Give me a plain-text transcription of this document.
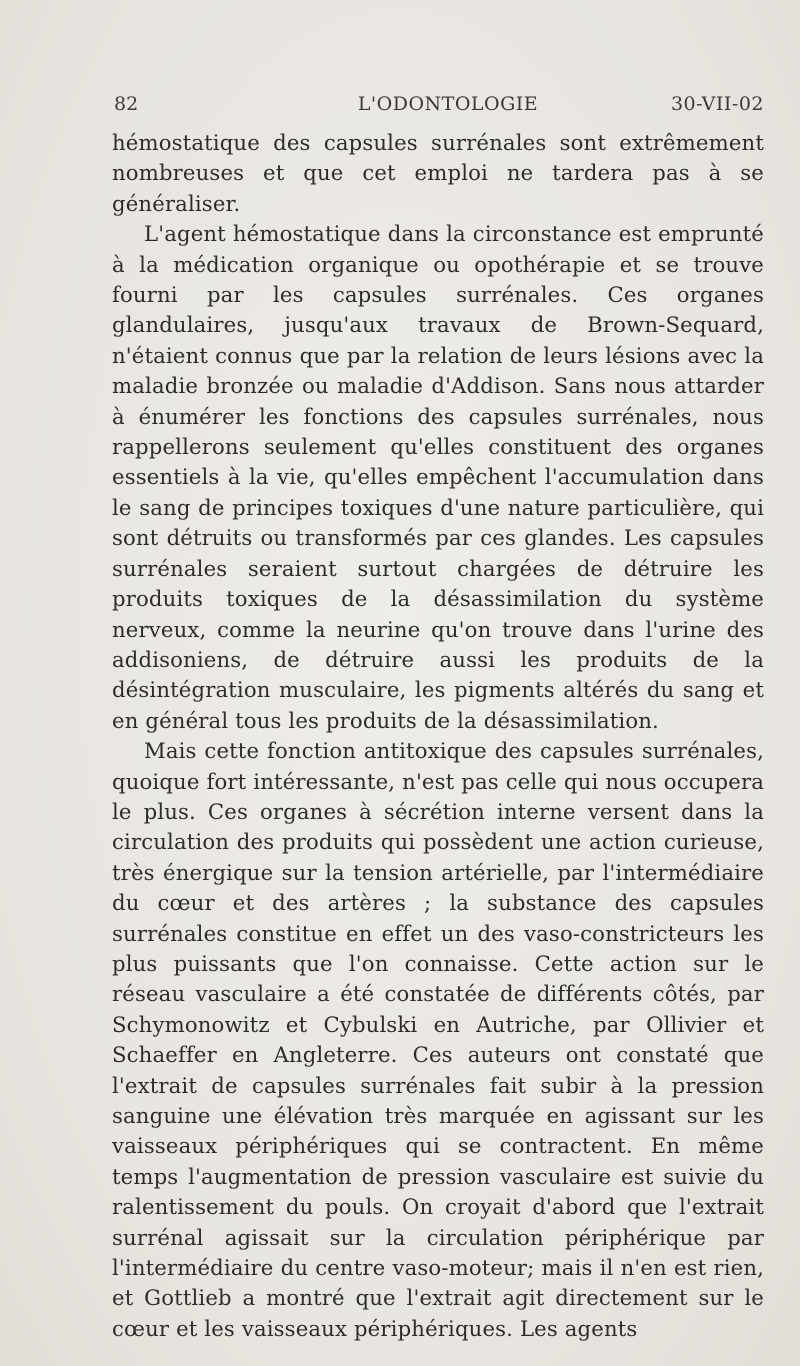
82	L'ODONTOLOGIE	30-VII-02

hémostatique des capsules surrénales sont extrêmement nombreuses et que cet emploi ne tardera pas à se généraliser.

L'agent hémostatique dans la circonstance est emprunté à la médication organique ou opothérapie et se trouve fourni par les capsules surrénales. Ces organes glandulaires, jusqu'aux travaux de Brown-Sequard, n'étaient connus que par la relation de leurs lésions avec la maladie bronzée ou maladie d'Addison. Sans nous attarder à énumérer les fonctions des capsules surrénales, nous rappellerons seulement qu'elles constituent des organes essentiels à la vie, qu'elles empêchent l'accumulation dans le sang de principes toxiques d'une nature particulière, qui sont détruits ou transformés par ces glandes. Les capsules surrénales seraient surtout chargées de détruire les produits toxiques de la désassimilation du système nerveux, comme la neurine qu'on trouve dans l'urine des addisoniens, de détruire aussi les produits de la désintégration musculaire, les pigments altérés du sang et en général tous les produits de la désassimilation.

Mais cette fonction antitoxique des capsules surrénales, quoique fort intéressante, n'est pas celle qui nous occupera le plus. Ces organes à sécrétion interne versent dans la circulation des produits qui possèdent une action curieuse, très énergique sur la tension artérielle, par l'intermédiaire du cœur et des artères ; la substance des capsules surrénales constitue en effet un des vaso-constricteurs les plus puissants que l'on connaisse. Cette action sur le réseau vasculaire a été constatée de différents côtés, par Schymonowitz et Cybulski en Autriche, par Ollivier et Schaeffer en Angleterre. Ces auteurs ont constaté que l'extrait de capsules surrénales fait subir à la pression sanguine une élévation très marquée en agissant sur les vaisseaux périphériques qui se contractent. En même temps l'augmentation de pression vasculaire est suivie du ralentissement du pouls. On croyait d'abord que l'extrait surrénal agissait sur la circulation périphérique par l'intermédiaire du centre vaso-moteur; mais il n'en est rien, et Gottlieb a montré que l'extrait agit directement sur le cœur et les vaisseaux périphériques. Les agents
